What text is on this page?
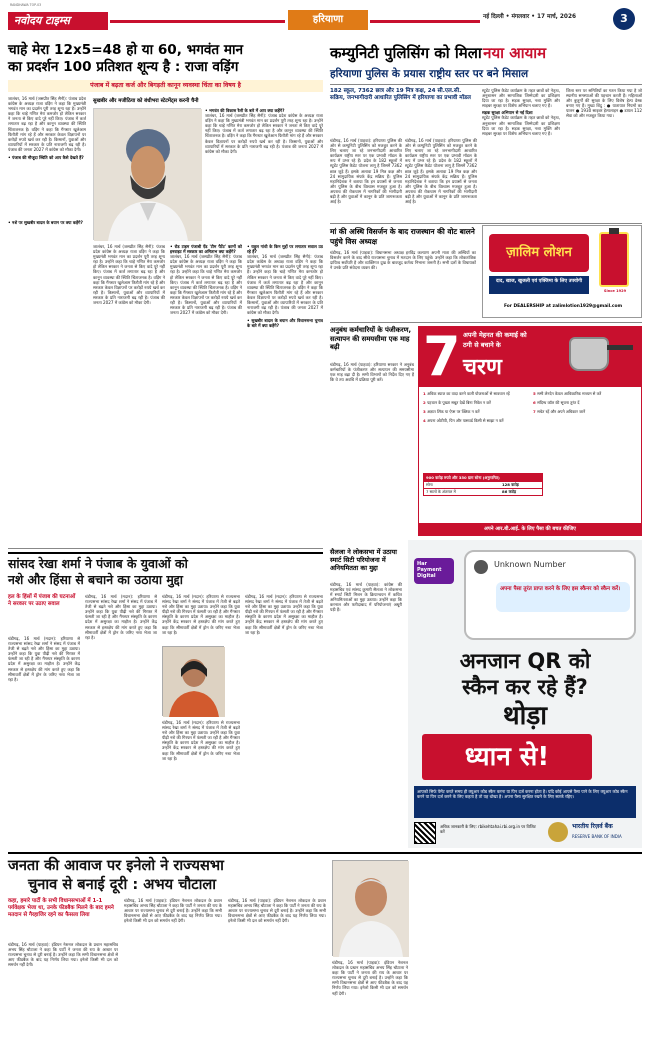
RANDHAWA TOP-03
नवोदय टाइम्स	हरियाणा	नई दिल्ली • मंगलवार • 17 मार्च, 2026	3
चाहे मेरा 12x5=48 हो या 60, भगवंत मान
का प्रदर्शन 100 प्रतिशत शून्य है : राजा वड़िंग
पंजाब में बढ़ता कर्ज और बिगड़ती कानून व्यवस्था चिंता का विषय है
जालंधर, 16 मार्च (जसप्रीत सिंह सैनी): पंजाब प्रदेश कांग्रेस के अध्यक्ष राजा वड़िंग ने कहा कि मुख्यमंत्री भगवंत मान का प्रदर्शन पूरी तरह शून्य रहा है। उन्होंने कहा कि चाहे गणित मेरा कमजोर हो लेकिन सरकार ने जनता से किए वादे पूरे नहीं किए। पंजाब में कर्ज लगातार बढ़ रहा है और कानून व्यवस्था की स्थिति चिंताजनक है। वड़िंग ने कहा कि गैंगस्टर खुलेआम फिरौती मांग रहे हैं और सरकार केवल विज्ञापनों पर करोड़ों रुपये खर्च कर रही है। किसानों, युवाओं और व्यापारियों में सरकार के प्रति नाराजगी बढ़ रही है। पंजाब की जनता 2027 में कांग्रेस को मौका देगी।
• पंजाब की मौजूदा स्थिति को आप कैसे देखते हैं?
• नशे पर सुखबीर बादल के बयान पर क्या कहेंगे?
सुखबीर और मजीठिया को बंधीभरा स्टेटमेंट्स करनी चैनी
• भगवंत की विकास रैली के बारे में आप क्या कहेंगे?
जालंधर, 16 मार्च (जसप्रीत सिंह सैनी): पंजाब प्रदेश कांग्रेस के अध्यक्ष राजा वड़िंग ने कहा कि मुख्यमंत्री भगवंत मान का प्रदर्शन पूरी तरह शून्य रहा है। उन्होंने कहा कि चाहे गणित मेरा कमजोर हो लेकिन सरकार ने जनता से किए वादे पूरे नहीं किए। पंजाब में कर्ज लगातार बढ़ रहा है और कानून व्यवस्था की स्थिति चिंताजनक है। वड़िंग ने कहा कि गैंगस्टर खुलेआम फिरौती मांग रहे हैं और सरकार केवल विज्ञापनों पर करोड़ों रुपये खर्च कर रही है। किसानों, युवाओं और व्यापारियों में सरकार के प्रति नाराजगी बढ़ रही है। पंजाब की जनता 2027 में कांग्रेस को मौका देगी।
जालंधर, 16 मार्च (जसप्रीत सिंह सैनी): पंजाब प्रदेश कांग्रेस के अध्यक्ष राजा वड़िंग ने कहा कि मुख्यमंत्री भगवंत मान का प्रदर्शन पूरी तरह शून्य रहा है। उन्होंने कहा कि चाहे गणित मेरा कमजोर हो लेकिन सरकार ने जनता से किए वादे पूरे नहीं किए। पंजाब में कर्ज लगातार बढ़ रहा है और कानून व्यवस्था की स्थिति चिंताजनक है। वड़िंग ने कहा कि गैंगस्टर खुलेआम फिरौती मांग रहे हैं और सरकार केवल विज्ञापनों पर करोड़ों रुपये खर्च कर रही है। किसानों, युवाओं और व्यापारियों में सरकार के प्रति नाराजगी बढ़ रही है। पंजाब की जनता 2027 में कांग्रेस को मौका देगी।
• रोड टाइम पंजाबी ऐंड 'टीम पैटेंट' कामों को इनवाइट में सरकार का अमिताभ क्या कहेंगे?
जालंधर, 16 मार्च (जसप्रीत सिंह सैनी): पंजाब प्रदेश कांग्रेस के अध्यक्ष राजा वड़िंग ने कहा कि मुख्यमंत्री भगवंत मान का प्रदर्शन पूरी तरह शून्य रहा है। उन्होंने कहा कि चाहे गणित मेरा कमजोर हो लेकिन सरकार ने जनता से किए वादे पूरे नहीं किए। पंजाब में कर्ज लगातार बढ़ रहा है और कानून व्यवस्था की स्थिति चिंताजनक है। वड़िंग ने कहा कि गैंगस्टर खुलेआम फिरौती मांग रहे हैं और सरकार केवल विज्ञापनों पर करोड़ों रुपये खर्च कर रही है। किसानों, युवाओं और व्यापारियों में सरकार के प्रति नाराजगी बढ़ रही है। पंजाब की जनता 2027 में कांग्रेस को मौका देगी।
• राहुल गांधी के किन मुद्दों पर लगातार सवाल उठ रहे हैं?
जालंधर, 16 मार्च (जसप्रीत सिंह सैनी): पंजाब प्रदेश कांग्रेस के अध्यक्ष राजा वड़िंग ने कहा कि मुख्यमंत्री भगवंत मान का प्रदर्शन पूरी तरह शून्य रहा है। उन्होंने कहा कि चाहे गणित मेरा कमजोर हो लेकिन सरकार ने जनता से किए वादे पूरे नहीं किए। पंजाब में कर्ज लगातार बढ़ रहा है और कानून व्यवस्था की स्थिति चिंताजनक है। वड़िंग ने कहा कि गैंगस्टर खुलेआम फिरौती मांग रहे हैं और सरकार केवल विज्ञापनों पर करोड़ों रुपये खर्च कर रही है। किसानों, युवाओं और व्यापारियों में सरकार के प्रति नाराजगी बढ़ रही है। पंजाब की जनता 2027 में कांग्रेस को मौका देगी।
• सुखबीर बादल के बयान और विधानसभा चुनाव के बारे में क्या कहेंगे?
कम्युनिटी पुलिसिंग को मिला नया आयाम
हरियाणा पुलिस के प्रयास राष्ट्रीय स्तर पर बने मिसाल
182 स्कूल, 7362 छात्र और 19 मित्र कक्ष, 24 सी.एल.सी. सक्रिय, जनभागीदारी आधारित पुलिसिंग में हरियाणा का प्रभावी मॉडल
चंडीगढ़, 16 मार्च (पाहवा): हरियाणा पुलिस की ओर से कम्युनिटी पुलिसिंग को मजबूत करने के लिए चलाए जा रहे जनभागीदारी आधारित कार्यक्रम राष्ट्रीय स्तर पर एक प्रभावी मॉडल के रूप में उभर रहे हैं। प्रदेश के 182 स्कूलों में स्टूडेंट पुलिस कैडेट योजना लागू है जिसमें 7362 छात्र जुड़े हैं। इसके अलावा 19 मित्र कक्ष और 24 सामुदायिक संपर्क केंद्र सक्रिय हैं। पुलिस महानिदेशक ने बताया कि इन प्रयासों से जनता और पुलिस के बीच विश्वास मजबूत हुआ है। अपराध की रोकथाम में नागरिकों की भागीदारी बढ़ी है और युवाओं में कानून के प्रति जागरूकता आई है।
चंडीगढ़, 16 मार्च (पाहवा): हरियाणा पुलिस की ओर से कम्युनिटी पुलिसिंग को मजबूत करने के लिए चलाए जा रहे जनभागीदारी आधारित कार्यक्रम राष्ट्रीय स्तर पर एक प्रभावी मॉडल के रूप में उभर रहे हैं। प्रदेश के 182 स्कूलों में स्टूडेंट पुलिस कैडेट योजना लागू है जिसमें 7362 छात्र जुड़े हैं। इसके अलावा 19 मित्र कक्ष और 24 सामुदायिक संपर्क केंद्र सक्रिय हैं। पुलिस महानिदेशक ने बताया कि इन प्रयासों से जनता और पुलिस के बीच विश्वास मजबूत हुआ है। अपराध की रोकथाम में नागरिकों की भागीदारी बढ़ी है और युवाओं में कानून के प्रति जागरूकता आई है।
स्टूडेंट पुलिस कैडेट कार्यक्रम के तहत छात्रों को नेतृत्व, अनुशासन और सामाजिक जिम्मेदारी का प्रशिक्षण दिया जा रहा है। सड़क सुरक्षा, नशा मुक्ति और साइबर सुरक्षा पर विशेष अभियान चलाए गए हैं।
सड़क सुरक्षा अभियान से नई दिशा
स्टूडेंट पुलिस कैडेट कार्यक्रम के तहत छात्रों को नेतृत्व, अनुशासन और सामाजिक जिम्मेदारी का प्रशिक्षण दिया जा रहा है। सड़क सुरक्षा, नशा मुक्ति और साइबर सुरक्षा पर विशेष अभियान चलाए गए हैं।
जिला स्तर पर समितियों का गठन किया गया है जो स्थानीय समस्याओं की पहचान करती हैं। महिलाओं और बुजुर्गों की सुरक्षा के लिए विशेष हेल्प डेस्क बनाए गए हैं। मुख्य बिंदु : ● यातायात नियमों का पालन ● 1930 साइबर हेल्पलाइन ● डायल 112 सेवा को और मजबूत किया गया।
मां की अस्थि विसर्जन के बाद राजस्थान की वोट बालने पहुंचे विस अध्यक्ष
चंडीगढ़, 16 मार्च (पाहवा): विधानसभा अध्यक्ष हरविंद्र कल्याण अपनी माता की अस्थियों का विसर्जन करने के बाद सीधे राज्यसभा चुनाव में मतदान के लिए पहुंचे। उन्होंने कहा कि लोकतांत्रिक दायित्व सर्वोपरि है और व्यक्तिगत दुख के बावजूद कर्तव्य निभाना जरूरी है। सभी दलों के विधायकों ने उनके प्रति संवेदना व्यक्त की।
ज़ालिम लोशन
Since 1929
दाद, खाज, खुजली एवं एक्जिमा के लिए उपयोगी
For DEALERSHIP at zalimlotion1929@gmail.com
अनुबंध कर्मचारियों के पंजीकरण, सत्यापन की समयसीमा एक माह बढ़ी
चंडीगढ़, 16 मार्च (पाहवा): हरियाणा सरकार ने अनुबंध कर्मचारियों के पंजीकरण और सत्यापन की समयसीमा एक माह बढ़ा दी है। सभी विभागों को निर्देश दिए गए हैं कि वे तय अवधि में प्रक्रिया पूरी करें। 7 अपनी मेहनत की कमाई को
ठगी से बचाने के
चरण
1 अधिक ब्याज का वादा करने वाली योजनाओं से सावधान रहें
2 पहचान के पुख्ता सबूत देखें बिना निवेश न करें
3 अज्ञात लिंक या ऐप्स पर क्लिक न करें
4 अपना ओटीपी, पिन और पासवर्ड किसी से साझा न करें
5 सभी लेनदेन केवल आधिकारिक माध्यम से करें
6 संदिग्ध कॉल की सूचना तुरंत दें
7 सचेत रहें और अपने अधिकार जानें
900 करोड़ रुपये और 350 ग्राम सोना (अनुमानित)
सोना	128 करोड़
7 सालों के अंतराल में	86 करोड़
अपने आर.बी.आई. के लिए पैसा की बचत कीजिए
सांसद रेखा शर्मा ने पंजाब के युवाओं को
नशे और हिंसा से बचाने का उठाया मुद्दा
हल के हिंसों में पंजाब की घटनाओं ने सरकार पर उठाए सवाल
चंडीगढ़, 16 मार्च (मदान): हरियाणा से राज्यसभा सांसद रेखा शर्मा ने संसद में पंजाब में तेजी से बढ़ते नशे और हिंसा का मुद्दा उठाया। उन्होंने कहा कि युवा पीढ़ी नशे की गिरफ्त में फंसती जा रही है और गैंगस्टर संस्कृति के कारण प्रदेश में असुरक्षा का माहौल है। उन्होंने केंद्र सरकार से हस्तक्षेप की मांग करते हुए कहा कि सीमावर्ती क्षेत्रों में ड्रोन के जरिए नशा भेजा जा रहा है।
चंडीगढ़, 16 मार्च (मदान): हरियाणा से राज्यसभा सांसद रेखा शर्मा ने संसद में पंजाब में तेजी से बढ़ते नशे और हिंसा का मुद्दा उठाया। उन्होंने कहा कि युवा पीढ़ी नशे की गिरफ्त में फंसती जा रही है और गैंगस्टर संस्कृति के कारण प्रदेश में असुरक्षा का माहौल है। उन्होंने केंद्र सरकार से हस्तक्षेप की मांग करते हुए कहा कि सीमावर्ती क्षेत्रों में ड्रोन के जरिए नशा भेजा जा रहा है।
चंडीगढ़, 16 मार्च (मदान): हरियाणा से राज्यसभा सांसद रेखा शर्मा ने संसद में पंजाब में तेजी से बढ़ते नशे और हिंसा का मुद्दा उठाया। उन्होंने कहा कि युवा पीढ़ी नशे की गिरफ्त में फंसती जा रही है और गैंगस्टर संस्कृति के कारण प्रदेश में असुरक्षा का माहौल है। उन्होंने केंद्र सरकार से हस्तक्षेप की मांग करते हुए कहा कि सीमावर्ती क्षेत्रों में ड्रोन के जरिए नशा भेजा जा रहा है।
चंडीगढ़, 16 मार्च (मदान): हरियाणा से राज्यसभा सांसद रेखा शर्मा ने संसद में पंजाब में तेजी से बढ़ते नशे और हिंसा का मुद्दा उठाया। उन्होंने कहा कि युवा पीढ़ी नशे की गिरफ्त में फंसती जा रही है और गैंगस्टर संस्कृति के कारण प्रदेश में असुरक्षा का माहौल है। उन्होंने केंद्र सरकार से हस्तक्षेप की मांग करते हुए कहा कि सीमावर्ती क्षेत्रों में ड्रोन के जरिए नशा भेजा जा रहा है।
चंडीगढ़, 16 मार्च (मदान): हरियाणा से राज्यसभा सांसद रेखा शर्मा ने संसद में पंजाब में तेजी से बढ़ते नशे और हिंसा का मुद्दा उठाया। उन्होंने कहा कि युवा पीढ़ी नशे की गिरफ्त में फंसती जा रही है और गैंगस्टर संस्कृति के कारण प्रदेश में असुरक्षा का माहौल है। उन्होंने केंद्र सरकार से हस्तक्षेप की मांग करते हुए कहा कि सीमावर्ती क्षेत्रों में ड्रोन के जरिए नशा भेजा जा रहा है।
सैलजा ने लोकसभा में उठाया स्मार्ट सिटी परियोजना में अनियमितता का मुद्दा
चंडीगढ़, 16 मार्च (पाहवा): कांग्रेस की महासचिव एवं सांसद कुमारी सैलजा ने लोकसभा में स्मार्ट सिटी मिशन के क्रियान्वयन में कथित अनियमितताओं का मुद्दा उठाया। उन्होंने कहा कि करनाल और फरीदाबाद में परियोजनाएं अधूरी पड़ी हैं।
Har Payment Digital
Unknown Number
अपना पैसा तुरंत प्राप्त करने के लिए इस स्कैनर को स्कैन करें।
अनजान QR को
स्कैन कर रहे हैं?
थोड़ा
ध्यान से!
आपको सिर्फ पेमेंट करते समय ही क्यूआर कोड स्कैन करना या पिन दर्ज करना होता है। यदि कोई आपसे पैसा पाने के लिए क्यूआर कोड स्कैन करने या पिन दर्ज करने के लिए कहता है तो यह धोखा है। अपना पैसा सुरक्षित रखने के लिए सतर्क रहिए।
अधिक जानकारी के लिए: rbikehtahai.rbi.org.in पर विजिट करें
भारतीय रिज़र्व बैंक
RESERVE BANK OF INDIA
जनता की आवाज पर इनेलो ने राज्यसभा
चुनाव से बनाई दूरी : अभय चौटाला
कहा, हमारे पार्टी के सभी विधानसभाओं में 1-1 पर्यवेक्षक भेजा था, उनके फीडबैक मिलने के बाद हमने मतदान से गैरहाजिर रहने का फैसला लिया
चंडीगढ़, 16 मार्च (पाहवा): इंडियन नेशनल लोकदल के प्रधान महासचिव अभय सिंह चौटाला ने कहा कि पार्टी ने जनता की राय के आधार पर राज्यसभा चुनाव से दूरी बनाई है। उन्होंने कहा कि सभी विधानसभा क्षेत्रों से आए फीडबैक के बाद यह निर्णय लिया गया। इनेलो किसी भी दल को समर्थन नहीं देगी।
चंडीगढ़, 16 मार्च (पाहवा): इंडियन नेशनल लोकदल के प्रधान महासचिव अभय सिंह चौटाला ने कहा कि पार्टी ने जनता की राय के आधार पर राज्यसभा चुनाव से दूरी बनाई है। उन्होंने कहा कि सभी विधानसभा क्षेत्रों से आए फीडबैक के बाद यह निर्णय लिया गया। इनेलो किसी भी दल को समर्थन नहीं देगी।
चंडीगढ़, 16 मार्च (पाहवा): इंडियन नेशनल लोकदल के प्रधान महासचिव अभय सिंह चौटाला ने कहा कि पार्टी ने जनता की राय के आधार पर राज्यसभा चुनाव से दूरी बनाई है। उन्होंने कहा कि सभी विधानसभा क्षेत्रों से आए फीडबैक के बाद यह निर्णय लिया गया। इनेलो किसी भी दल को समर्थन नहीं देगी।
चंडीगढ़, 16 मार्च (पाहवा): इंडियन नेशनल लोकदल के प्रधान महासचिव अभय सिंह चौटाला ने कहा कि पार्टी ने जनता की राय के आधार पर राज्यसभा चुनाव से दूरी बनाई है। उन्होंने कहा कि सभी विधानसभा क्षेत्रों से आए फीडबैक के बाद यह निर्णय लिया गया। इनेलो किसी भी दल को समर्थन नहीं देगी।
